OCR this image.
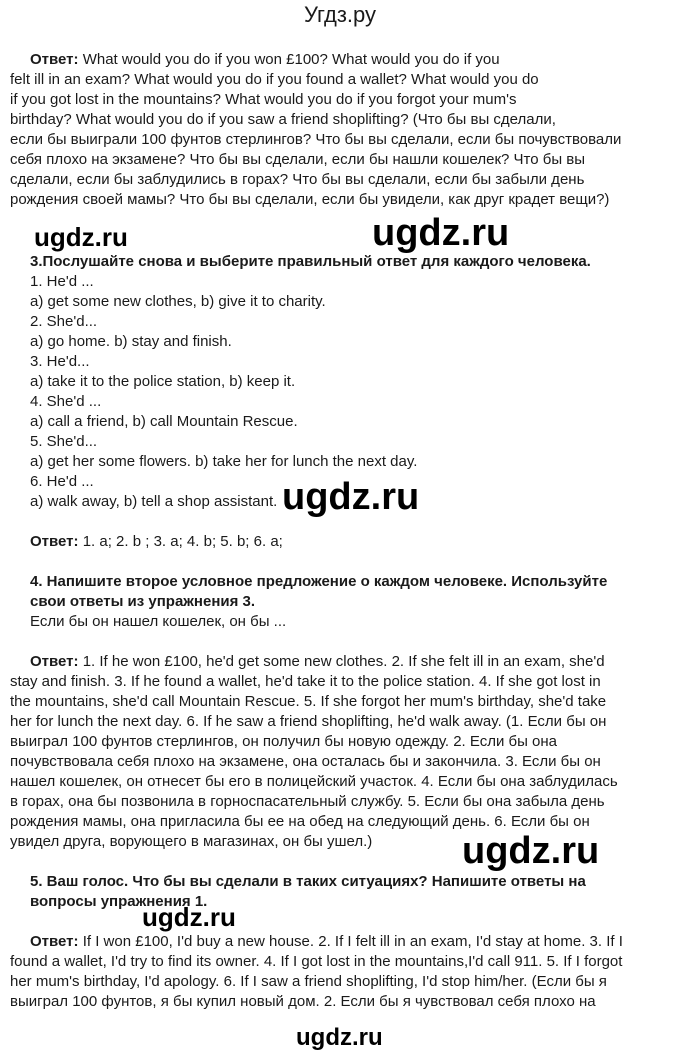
Угдз.ру
Ответ: What would you do if you won £100? What would you do if you
felt ill in an exam? What would you do if you found a wallet? What would you do
if you got lost in the mountains? What would you do if you forgot your mum's
birthday? What would you do if you saw a friend shoplifting? (Что бы вы сделали,
если бы выиграли 100 фунтов стерлингов? Что бы вы сделали, если бы почувствовали
себя плохо на экзамене? Что бы вы сделали, если бы нашли кошелек? Что бы вы
сделали, если бы заблудились в горах? Что бы вы сделали, если бы забыли день
рождения своей мамы? Что бы вы сделали, если бы увидели, как друг крадет вещи?)
ugdz.ru	ugdz.ru
3.Послушайте снова и выберите правильный ответ для каждого человека.
1. He'd ...
a) get some new clothes, b) give it to charity.
2. She'd...
a) go home. b) stay and finish.
3. He'd...
a) take it to the police station, b) keep it.
4. She'd ...
a) call a friend, b) call Mountain Rescue.
5. She'd...
a) get her some flowers. b) take her for lunch the next day.
6. He'd ...
a) walk away, b) tell a shop assistant. ugdz.ru
Ответ: 1. a; 2. b ; 3. a; 4. b; 5. b; 6. a;
4. Напишите второе условное предложение о каждом человеке. Используйте
свои ответы из упражнения 3.
Если бы он нашел кошелек, он бы ...
Ответ: 1. If he won £100, he'd get some new clothes. 2. If she felt ill in an exam, she'd
stay and finish. 3. If he found a wallet, he'd take it to the police station. 4. If she got lost in
the mountains, she'd call Mountain Rescue. 5. If she forgot her mum's birthday, she'd take
her for lunch the next day. 6. If he saw a friend shoplifting, he'd walk away. (1. Если бы он
выиграл 100 фунтов стерлингов, он получил бы новую одежду. 2. Если бы она
почувствовала себя плохо на экзамене, она осталась бы и закончила. 3. Если бы он
нашел кошелек, он отнесет бы его в полицейский участок. 4. Если бы она заблудилась
в горах, она бы позвонила в горноспасательный службу. 5. Если бы она забыла день
рождения мамы, она пригласила бы ее на обед на следующий день. 6. Если бы он
увидел друга, ворующего в магазинах, он бы ушел.)	ugdz.ru
5. Ваш голос. Что бы вы сделали в таких ситуациях? Напишите ответы на
вопросы упражнения 1.
ugdz.ru
Ответ: If I won £100, I'd buy a new house. 2. If I felt ill in an exam, I'd stay at home. 3. If I
found a wallet, I'd try to find its owner. 4. If I got lost in the mountains,I'd call 911. 5. If I forgot
her mum's birthday, I'd apology. 6. If I saw a friend shoplifting, I'd stop him/her. (Если бы я
выиграл 100 фунтов, я бы купил новый дом. 2. Если бы я чувствовал себя плохо на
ugdz.ru
